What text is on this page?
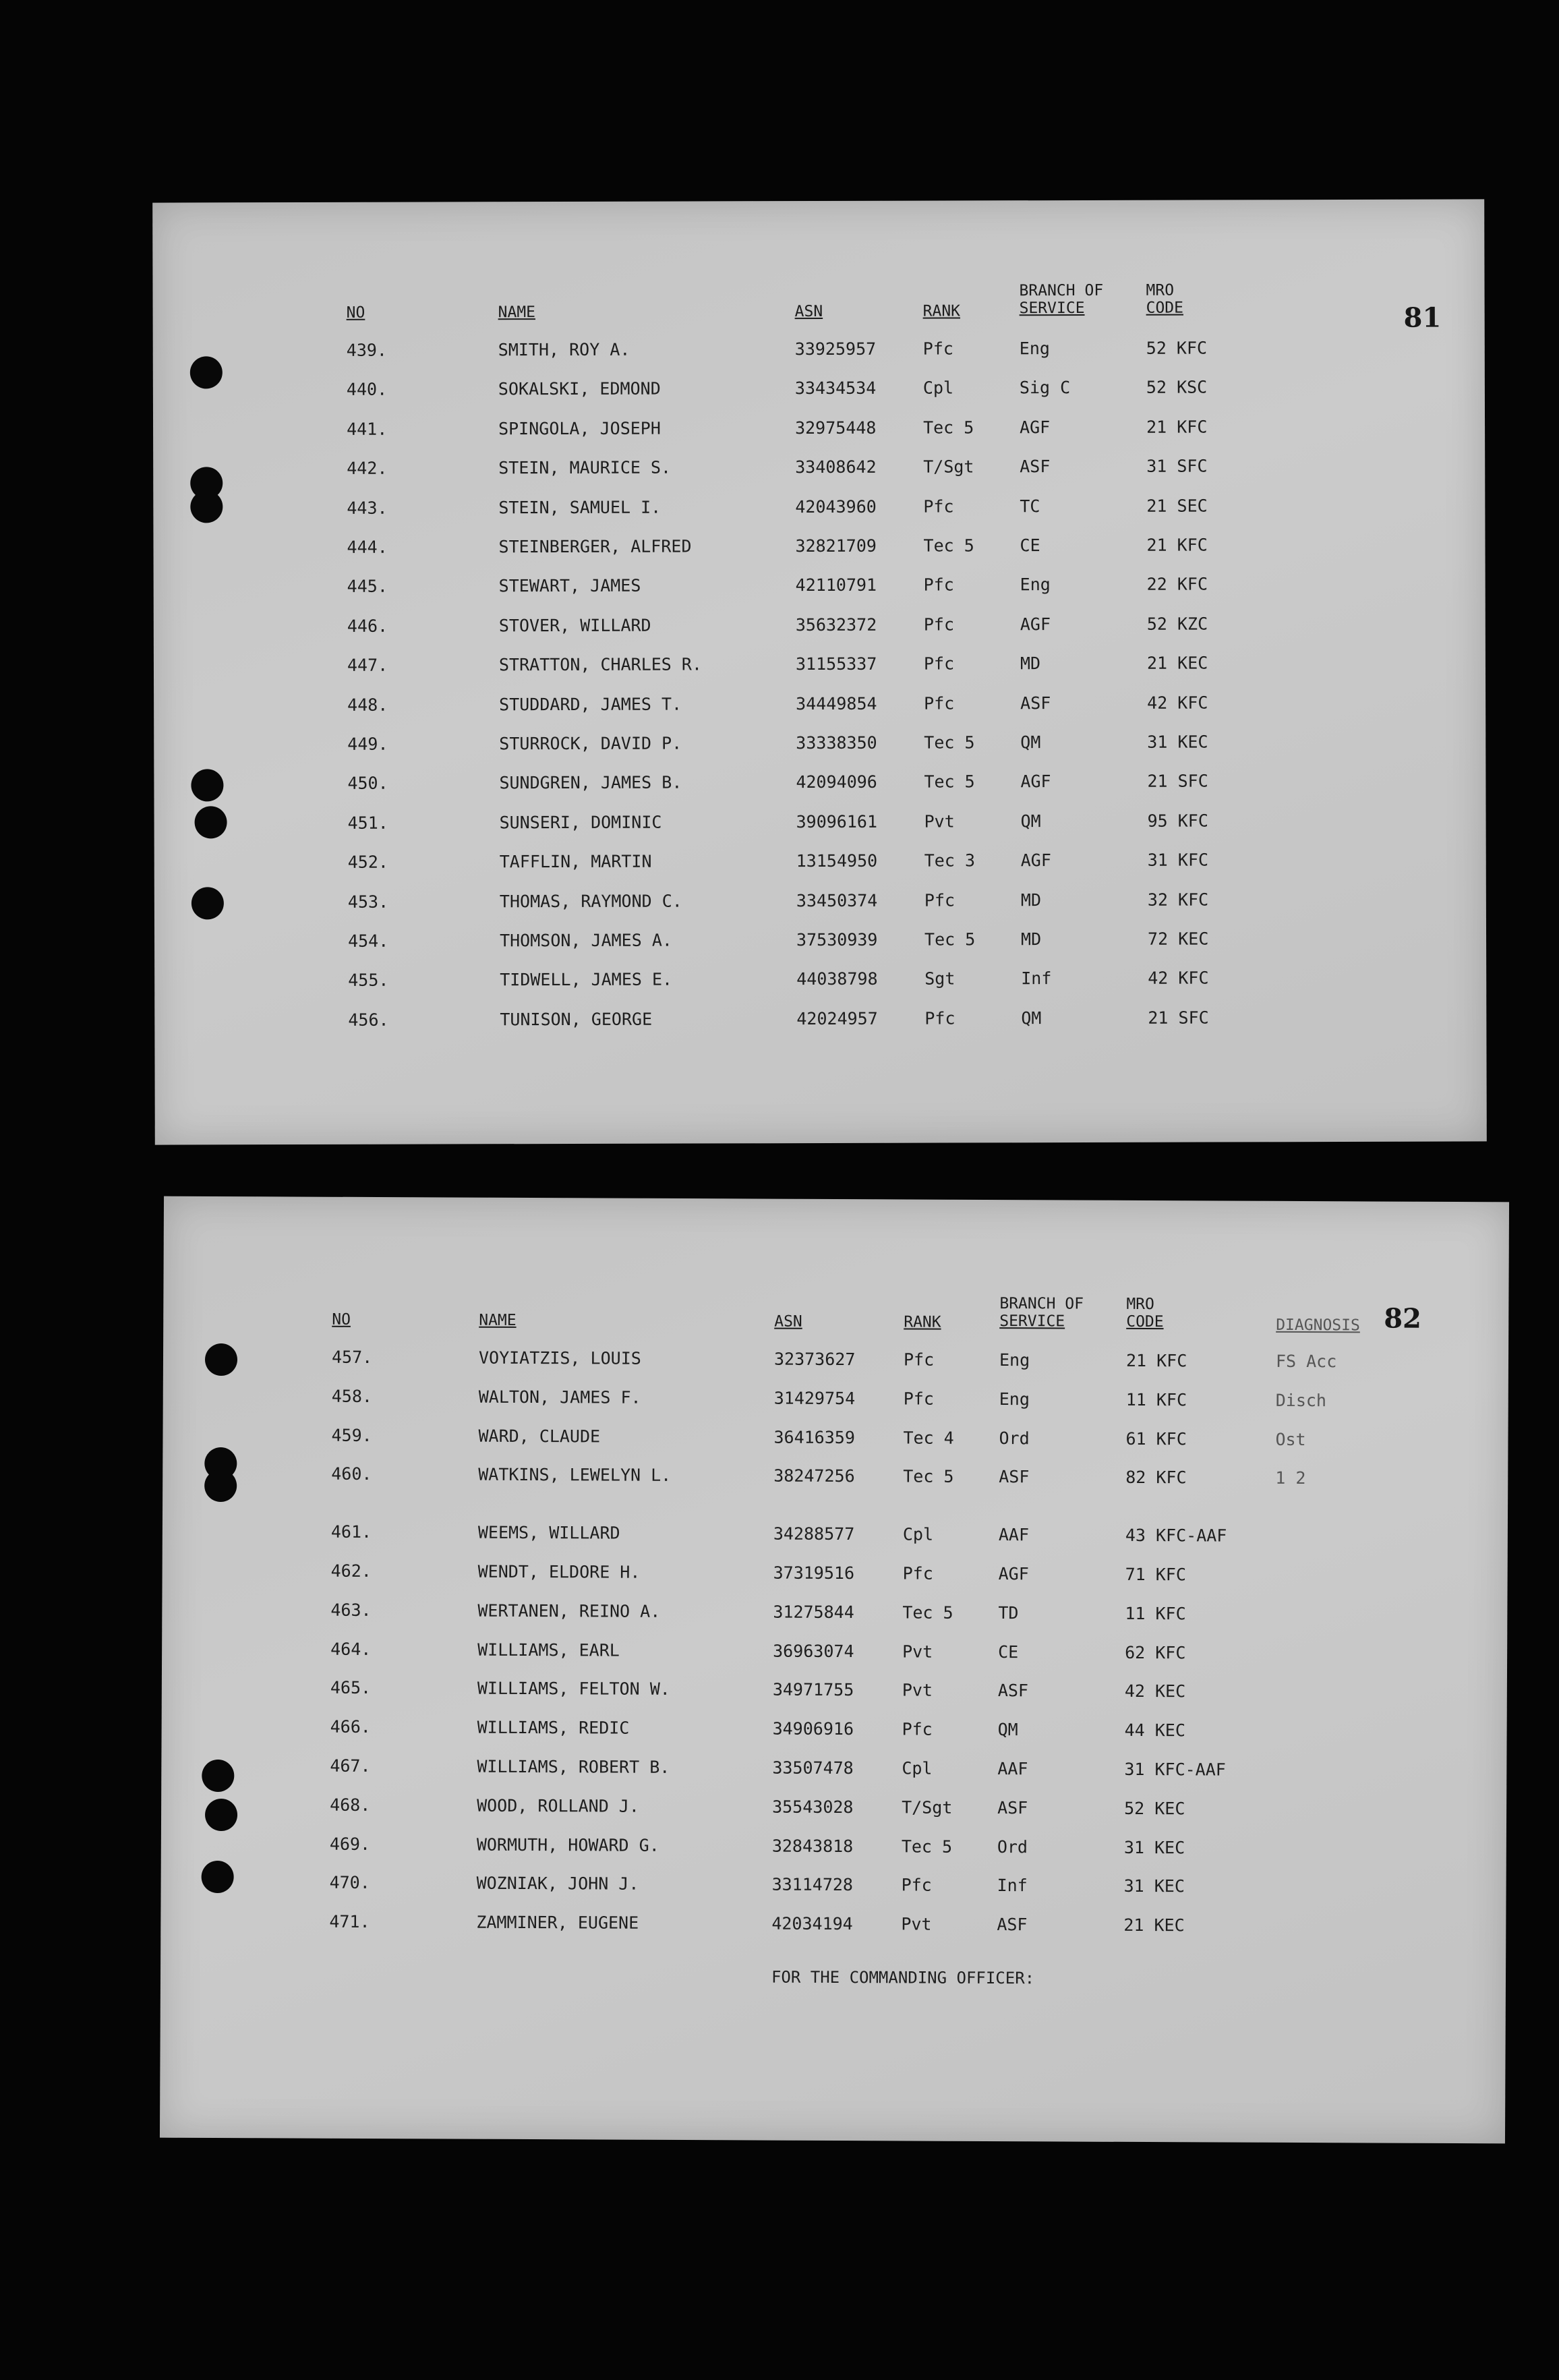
81
NO	NAME	ASN	RANK
BRANCH OF
SERVICE
MRO
CODE
439.	SMITH, ROY A.	33925957	Pfc	Eng	52 KFC
440.	SOKALSKI, EDMOND	33434534	Cpl	Sig C	52 KSC
441.	SPINGOLA, JOSEPH	32975448	Tec 5	AGF	21 KFC
442.	STEIN, MAURICE S.	33408642	T/Sgt	ASF	31 SFC
443.	STEIN, SAMUEL I.	42043960	Pfc	TC	21 SEC
444.	STEINBERGER, ALFRED	32821709	Tec 5	CE	21 KFC
445.	STEWART, JAMES	42110791	Pfc	Eng	22 KFC
446.	STOVER, WILLARD	35632372	Pfc	AGF	52 KZC
447.	STRATTON, CHARLES R.	31155337	Pfc	MD	21 KEC
448.	STUDDARD, JAMES T.	34449854	Pfc	ASF	42 KFC
449.	STURROCK, DAVID P.	33338350	Tec 5	QM	31 KEC
450.	SUNDGREN, JAMES B.	42094096	Tec 5	AGF	21 SFC
451.	SUNSERI, DOMINIC	39096161	Pvt	QM	95 KFC
452.	TAFFLIN, MARTIN	13154950	Tec 3	AGF	31 KFC
453.	THOMAS, RAYMOND C.	33450374	Pfc	MD	32 KFC
454.	THOMSON, JAMES A.	37530939	Tec 5	MD	72 KEC
455.	TIDWELL, JAMES E.	44038798	Sgt	Inf	42 KFC
456.	TUNISON, GEORGE	42024957	Pfc	QM	21 SFC
82
NO	NAME	ASN	RANK
BRANCH OF
SERVICE
MRO
CODE	DIAGNOSIS
457.	VOYIATZIS, LOUIS	32373627	Pfc	Eng	21 KFC	FS Acc
458.	WALTON, JAMES F.	31429754	Pfc	Eng	11 KFC	Disch
459.	WARD, CLAUDE	36416359	Tec 4	Ord	61 KFC	Ost
460.	WATKINS, LEWELYN L.	38247256	Tec 5	ASF	82 KFC	1 2
461.	WEEMS, WILLARD	34288577	Cpl	AAF	43 KFC-AAF
462.	WENDT, ELDORE H.	37319516	Pfc	AGF	71 KFC
463.	WERTANEN, REINO A.	31275844	Tec 5	TD	11 KFC
464.	WILLIAMS, EARL	36963074	Pvt	CE	62 KFC
465.	WILLIAMS, FELTON W.	34971755	Pvt	ASF	42 KEC
466.	WILLIAMS, REDIC	34906916	Pfc	QM	44 KEC
467.	WILLIAMS, ROBERT B.	33507478	Cpl	AAF	31 KFC-AAF
468.	WOOD, ROLLAND J.	35543028	T/Sgt	ASF	52 KEC
469.	WORMUTH, HOWARD G.	32843818	Tec 5	Ord	31 KEC
470.	WOZNIAK, JOHN J.	33114728	Pfc	Inf	31 KEC
471.	ZAMMINER, EUGENE	42034194	Pvt	ASF	21 KEC
FOR THE COMMANDING OFFICER:
